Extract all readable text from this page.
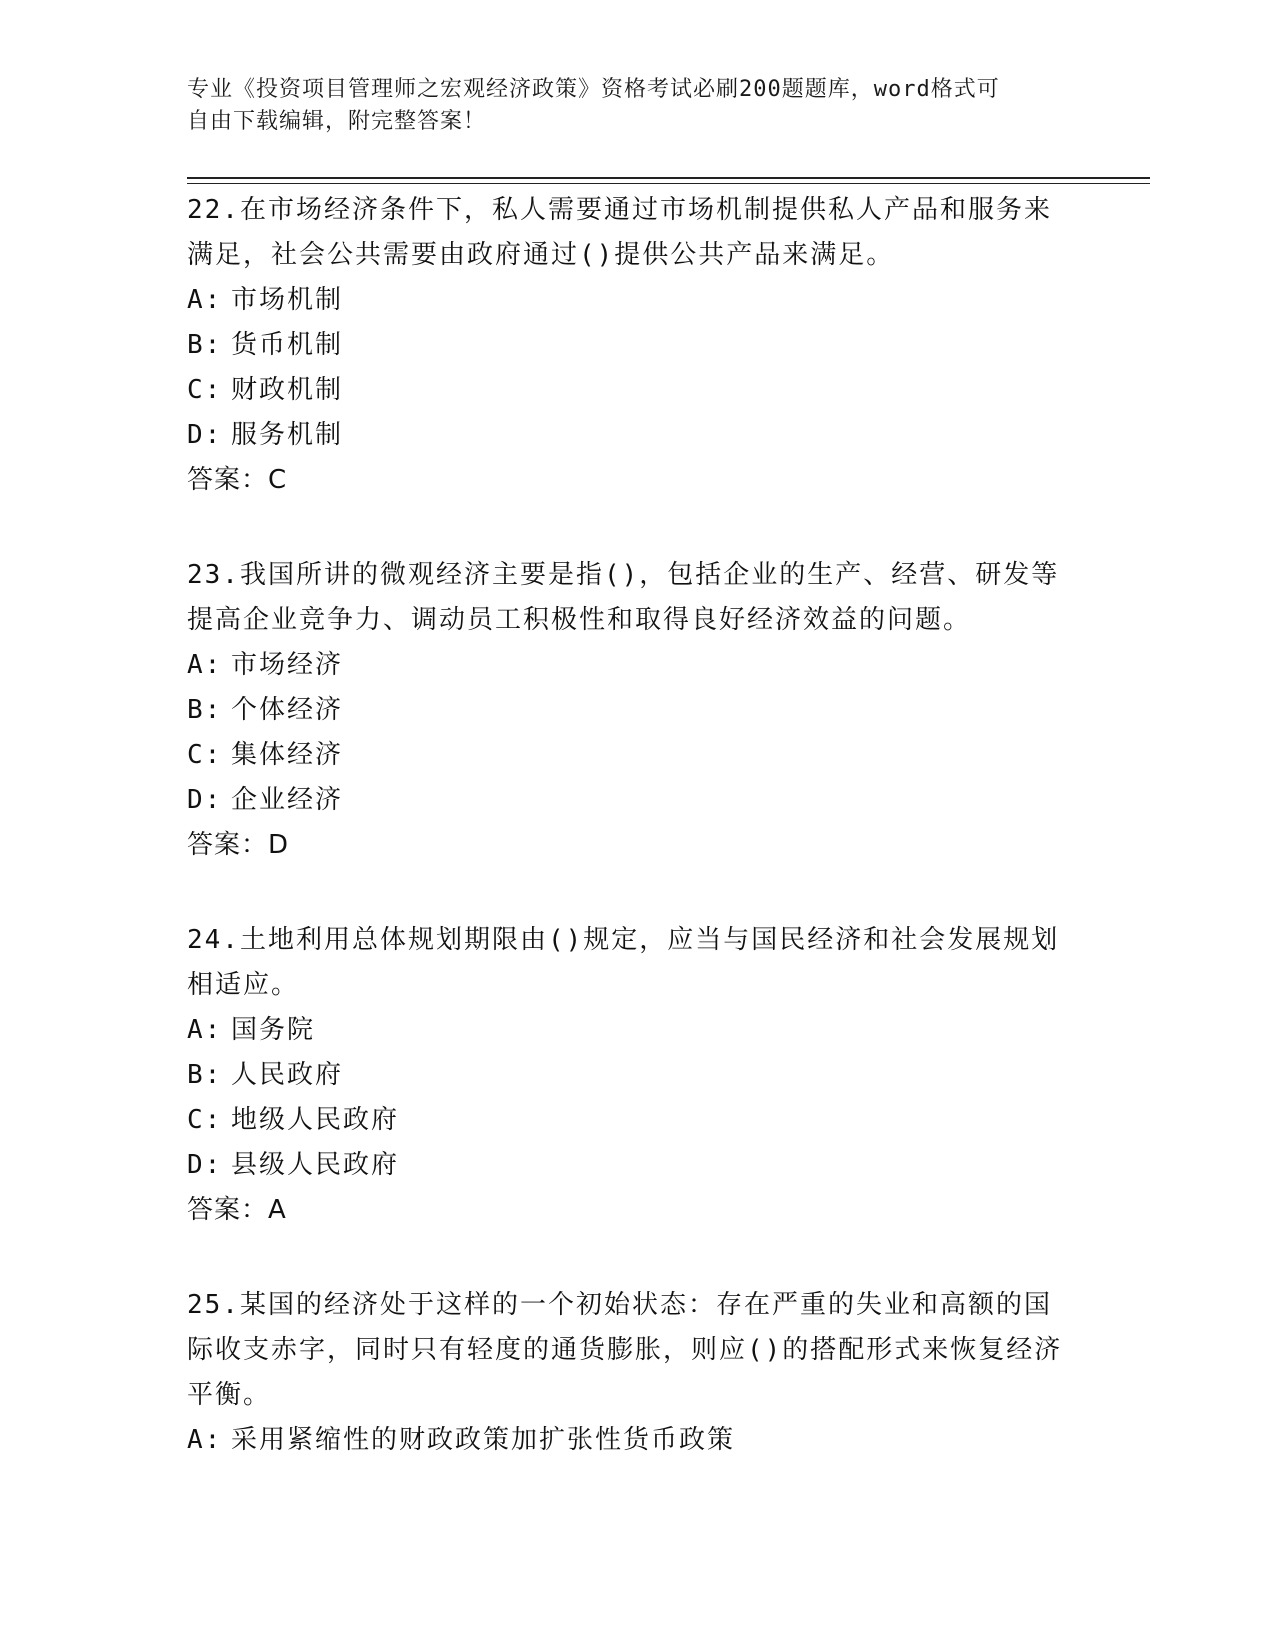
专业《投资项目管理师之宏观经济政策》资格考试必刷200题题库，word格式可
自由下载编辑，附完整答案！

22.在市场经济条件下，私人需要通过市场机制提供私人产品和服务来满足，社会公共需要由政府通过()提供公共产品来满足。

A: 市场机制
B: 货币机制
C: 财政机制
D: 服务机制

答案：C

23.我国所讲的微观经济主要是指()，包括企业的生产、经营、研发等提高企业竞争力、调动员工积极性和取得良好经济效益的问题。

A: 市场经济
B: 个体经济
C: 集体经济
D: 企业经济

答案：D

24.土地利用总体规划期限由()规定，应当与国民经济和社会发展规划相适应。

A: 国务院
B: 人民政府
C: 地级人民政府
D: 县级人民政府

答案：A

25.某国的经济处于这样的一个初始状态：存在严重的失业和高额的国际收支赤字，同时只有轻度的通货膨胀，则应()的搭配形式来恢复经济平衡。

A: 采用紧缩性的财政政策加扩张性货币政策
